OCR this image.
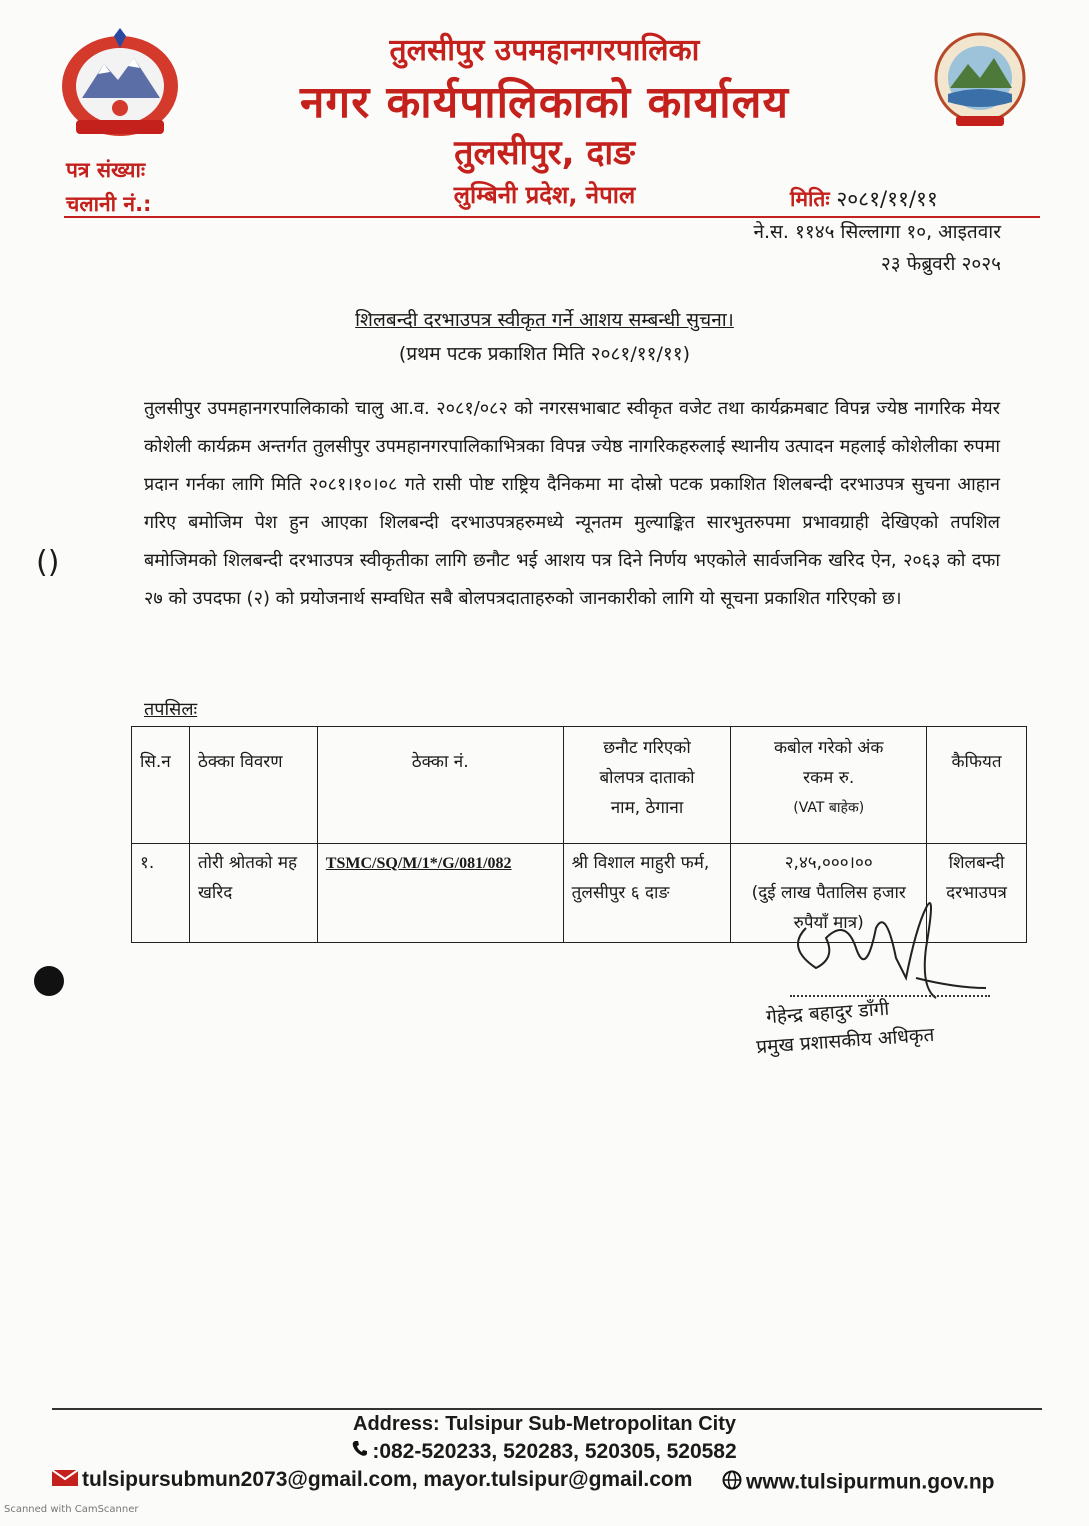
तुलसीपुर उपमहानगरपालिका
नगर कार्यपालिकाको कार्यालय
तुलसीपुर, दाङ
लुम्बिनी प्रदेश, नेपाल
पत्र संख्याः
चलानी नं.:	मितिः २०८१/११/११
ने.स. ११४५ सिल्लागा १०, आइतवार
२३ फेब्रुवरी २०२५
शिलबन्दी दरभाउपत्र स्वीकृत गर्ने आशय सम्बन्धी सुचना।
(प्रथम पटक प्रकाशित मिति २०८१/११/११)
तुलसीपुर उपमहानगरपालिकाको चालु आ.व. २०८१/०८२ को नगरसभाबाट स्वीकृत वजेट तथा कार्यक्रमबाट विपन्न ज्येष्ठ नागरिक मेयर कोशेली कार्यक्रम अन्तर्गत तुलसीपुर उपमहानगरपालिकाभित्रका विपन्न ज्येष्ठ नागरिकहरुलाई स्थानीय उत्पादन महलाई कोशेलीका रुपमा प्रदान गर्नका लागि मिति २०८१।१०।०८ गते रासी पोष्ट राष्ट्रिय दैनिकमा मा दोस्रो पटक प्रकाशित शिलबन्दी दरभाउपत्र सुचना आहान गरिए बमोजिम पेश हुन आएका शिलबन्दी दरभाउपत्रहरुमध्ये न्यूनतम मुल्याङ्कित सारभुतरुपमा प्रभावग्राही देखिएको तपशिल बमोजिमको शिलबन्दी दरभाउपत्र स्वीकृतीका लागि छनौट भई आशय पत्र दिने निर्णय भएकोले सार्वजनिक खरिद ऐन, २०६३ को दफा २७ को उपदफा (२) को प्रयोजनार्थ सम्वधित सबै बोलपत्रदाताहरुको जानकारीको लागि यो सूचना प्रकाशित गरिएको छ।
तपसिलः
सि.न	ठेक्का विवरण	ठेक्का नं.	छनौट गरिएको
बोलपत्र दाताको
नाम, ठेगाना	कबोल गरेको अंक
रकम रु.
(VAT बाहेक)	कैफियत
१.	तोरी श्रोतको मह खरिद	TSMC/SQ/M/1*/G/081/082	श्री विशाल माहुरी फर्म, तुलसीपुर ६ दाङ	२,४५,०००।००
(दुई लाख पैतालिस हजार रुपैयाँ मात्र)	शिलबन्दी दरभाउपत्र
गेहेन्द्र बहादुर डाँगी
प्रमुख प्रशासकीय अधिकृत
()
Address: Tulsipur Sub-Metropolitan City
:082-520233, 520283, 520305, 520582
tulsipursubmun2073@gmail.com, mayor.tulsipur@gmail.com	www.tulsipurmun.gov.np
Scanned with CamScanner
